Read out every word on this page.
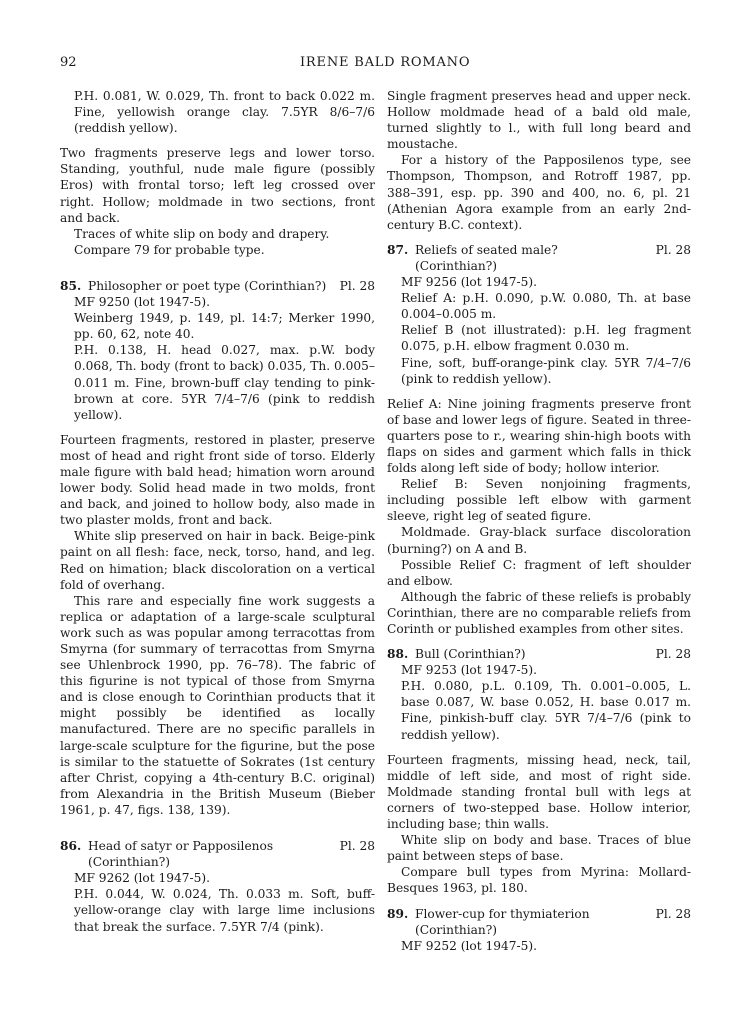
92	IRENE BALD ROMANO

P.H. 0.081, W. 0.029, Th. front to back 0.022 m. Fine, yellowish orange clay. 7.5YR 8/6–7/6 (reddish yellow).

Two fragments preserve legs and lower torso. Standing, youthful, nude male figure (possibly Eros) with frontal torso; left leg crossed over right. Hollow; moldmade in two sections, front and back.

Traces of white slip on body and drapery.

Compare 79 for probable type.

85. Philosopher or poet type (Corinthian?)	Pl. 28

MF 9250 (lot 1947-5).

Weinberg 1949, p. 149, pl. 14:7; Merker 1990, pp. 60, 62, note 40.

P.H. 0.138, H. head 0.027, max. p.W. body 0.068, Th. body (front to back) 0.035, Th. 0.005–0.011 m. Fine, brown-buff clay tending to pink-brown at core. 5YR 7/4–7/6 (pink to reddish yellow).

Fourteen fragments, restored in plaster, preserve most of head and right front side of torso. Elderly male figure with bald head; himation worn around lower body. Solid head made in two molds, front and back, and joined to hollow body, also made in two plaster molds, front and back.

White slip preserved on hair in back. Beige-pink paint on all flesh: face, neck, torso, hand, and leg. Red on himation; black discoloration on a vertical fold of overhang.

This rare and especially fine work suggests a replica or adaptation of a large-scale sculptural work such as was popular among terracottas from Smyrna (for summary of terracottas from Smyrna see Uhlenbrock 1990, pp. 76–78). The fabric of this figurine is not typical of those from Smyrna and is close enough to Corinthian products that it might possibly be identified as locally manufactured. There are no specific parallels in large-scale sculpture for the figurine, but the pose is similar to the statuette of Sokrates (1st century after Christ, copying a 4th-century B.C. original) from Alexandria in the British Museum (Bieber 1961, p. 47, figs. 138, 139).

86. Head of satyr or Papposilenos	Pl. 28

(Corinthian?)

MF 9262 (lot 1947-5).

P.H. 0.044, W. 0.024, Th. 0.033 m. Soft, buff-yellow-orange clay with large lime inclusions that break the surface. 7.5YR 7/4 (pink).

Single fragment preserves head and upper neck. Hollow moldmade head of a bald old male, turned slightly to l., with full long beard and moustache.

For a history of the Papposilenos type, see Thompson, Thompson, and Rotroff 1987, pp. 388–391, esp. pp. 390 and 400, no. 6, pl. 21 (Athenian Agora example from an early 2nd-century B.C. context).

87. Reliefs of seated male?	Pl. 28

(Corinthian?)

MF 9256 (lot 1947-5).

Relief A: p.H. 0.090, p.W. 0.080, Th. at base 0.004–0.005 m.

Relief B (not illustrated): p.H. leg fragment 0.075, p.H. elbow fragment 0.030 m.

Fine, soft, buff-orange-pink clay. 5YR 7/4–7/6 (pink to reddish yellow).

Relief A: Nine joining fragments preserve front of base and lower legs of figure. Seated in three-quarters pose to r., wearing shin-high boots with flaps on sides and garment which falls in thick folds along left side of body; hollow interior.

Relief B: Seven nonjoining fragments, including possible left elbow with garment sleeve, right leg of seated figure.

Moldmade. Gray-black surface discoloration (burning?) on A and B.

Possible Relief C: fragment of left shoulder and elbow.

Although the fabric of these reliefs is probably Corinthian, there are no comparable reliefs from Corinth or published examples from other sites.

88. Bull (Corinthian?)	Pl. 28

MF 9253 (lot 1947-5).

P.H. 0.080, p.L. 0.109, Th. 0.001–0.005, L. base 0.087, W. base 0.052, H. base 0.017 m. Fine, pinkish-buff clay. 5YR 7/4–7/6 (pink to reddish yellow).

Fourteen fragments, missing head, neck, tail, middle of left side, and most of right side. Moldmade standing frontal bull with legs at corners of two-stepped base. Hollow interior, including base; thin walls.

White slip on body and base. Traces of blue paint between steps of base.

Compare bull types from Myrina: Mollard-Besques 1963, pl. 180.

89. Flower-cup for thymiaterion	Pl. 28

(Corinthian?)

MF 9252 (lot 1947-5).
